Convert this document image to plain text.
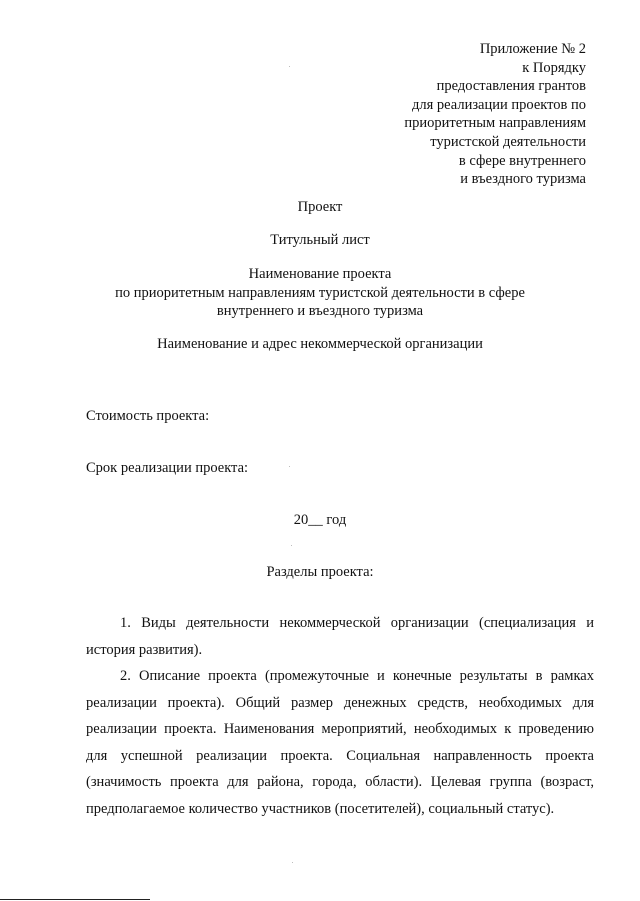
Приложение № 2
к Порядку
предоставления грантов
для реализации проектов по
приоритетным направлениям
туристской деятельности
в сфере внутреннего
и въездного туризма
Проект
Титульный лист
Наименование проекта
по приоритетным направлениям туристской деятельности в сфере
внутреннего и въездного туризма
Наименование и адрес некоммерческой организации
Стоимость проекта:
Срок реализации проекта:
20__ год
Разделы проекта:

1. Виды деятельности некоммерческой организации (специализация и история развития).

2. Описание проекта (промежуточные и конечные результаты в рамках реализации проекта). Общий размер денежных средств, необходимых для реализации проекта. Наименования мероприятий, необходимых к проведению для успешной реализации проекта. Социальная направленность проекта (значимость проекта для района, города, области). Целевая группа (возраст, предполагаемое количество участников (посетителей), социальный статус).
